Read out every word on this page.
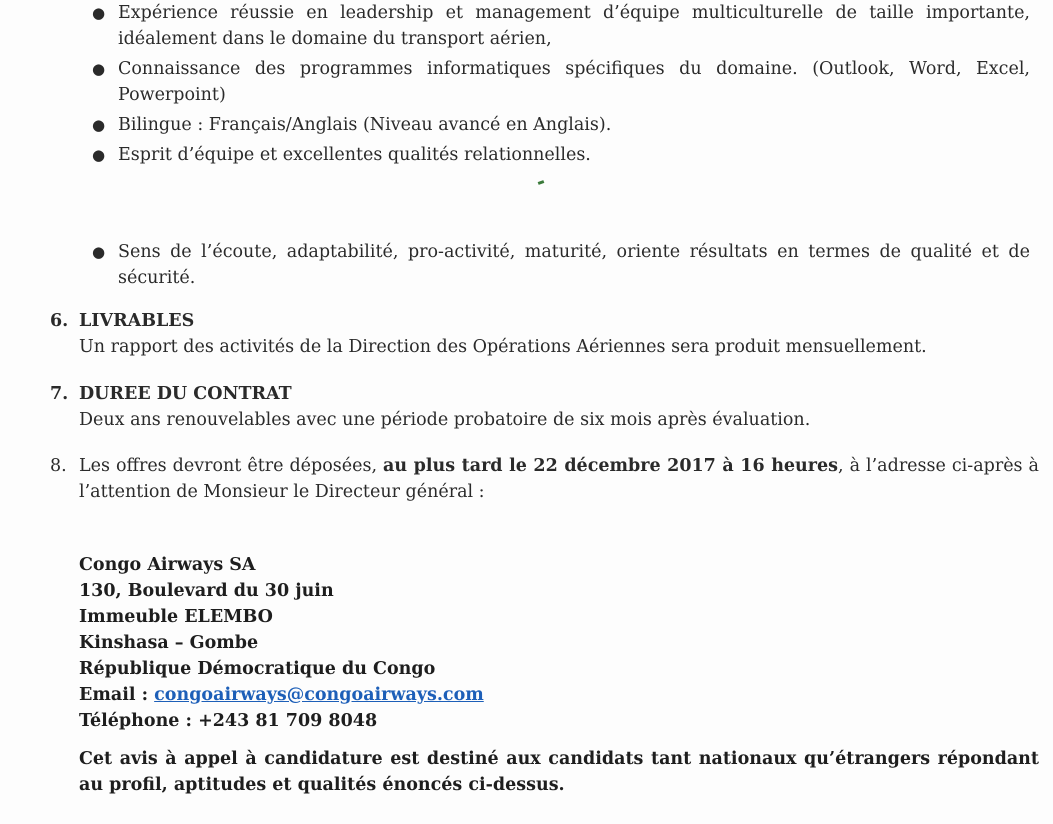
● Expérience réussie en leadership et management d’équipe multiculturelle de taille importante, idéalement dans le domaine du transport aérien,
● Connaissance des programmes informatiques spécifiques du domaine. (Outlook, Word, Excel, Powerpoint)
● Bilingue : Français/Anglais (Niveau avancé en Anglais).
● Esprit d’équipe et excellentes qualités relationnelles.
● Sens de l’écoute, adaptabilité, pro-activité, maturité, oriente résultats en termes de qualité et de sécurité.
6. LIVRABLES
Un rapport des activités de la Direction des Opérations Aériennes sera produit mensuellement.
7. DUREE DU CONTRAT
Deux ans renouvelables avec une période probatoire de six mois après évaluation.
8. Les offres devront être déposées, au plus tard le 22 décembre 2017 à 16 heures, à l’adresse ci-après à l’attention de Monsieur le Directeur général :
Congo Airways SA
130, Boulevard du 30 juin
Immeuble ELEMBO
Kinshasa – Gombe
République Démocratique du Congo
Email : congoairways@congoairways.com
Téléphone : +243 81 709 8048
Cet avis à appel à candidature est destiné aux candidats tant nationaux qu’étrangers répondant au profil, aptitudes et qualités énoncés ci-dessus.
